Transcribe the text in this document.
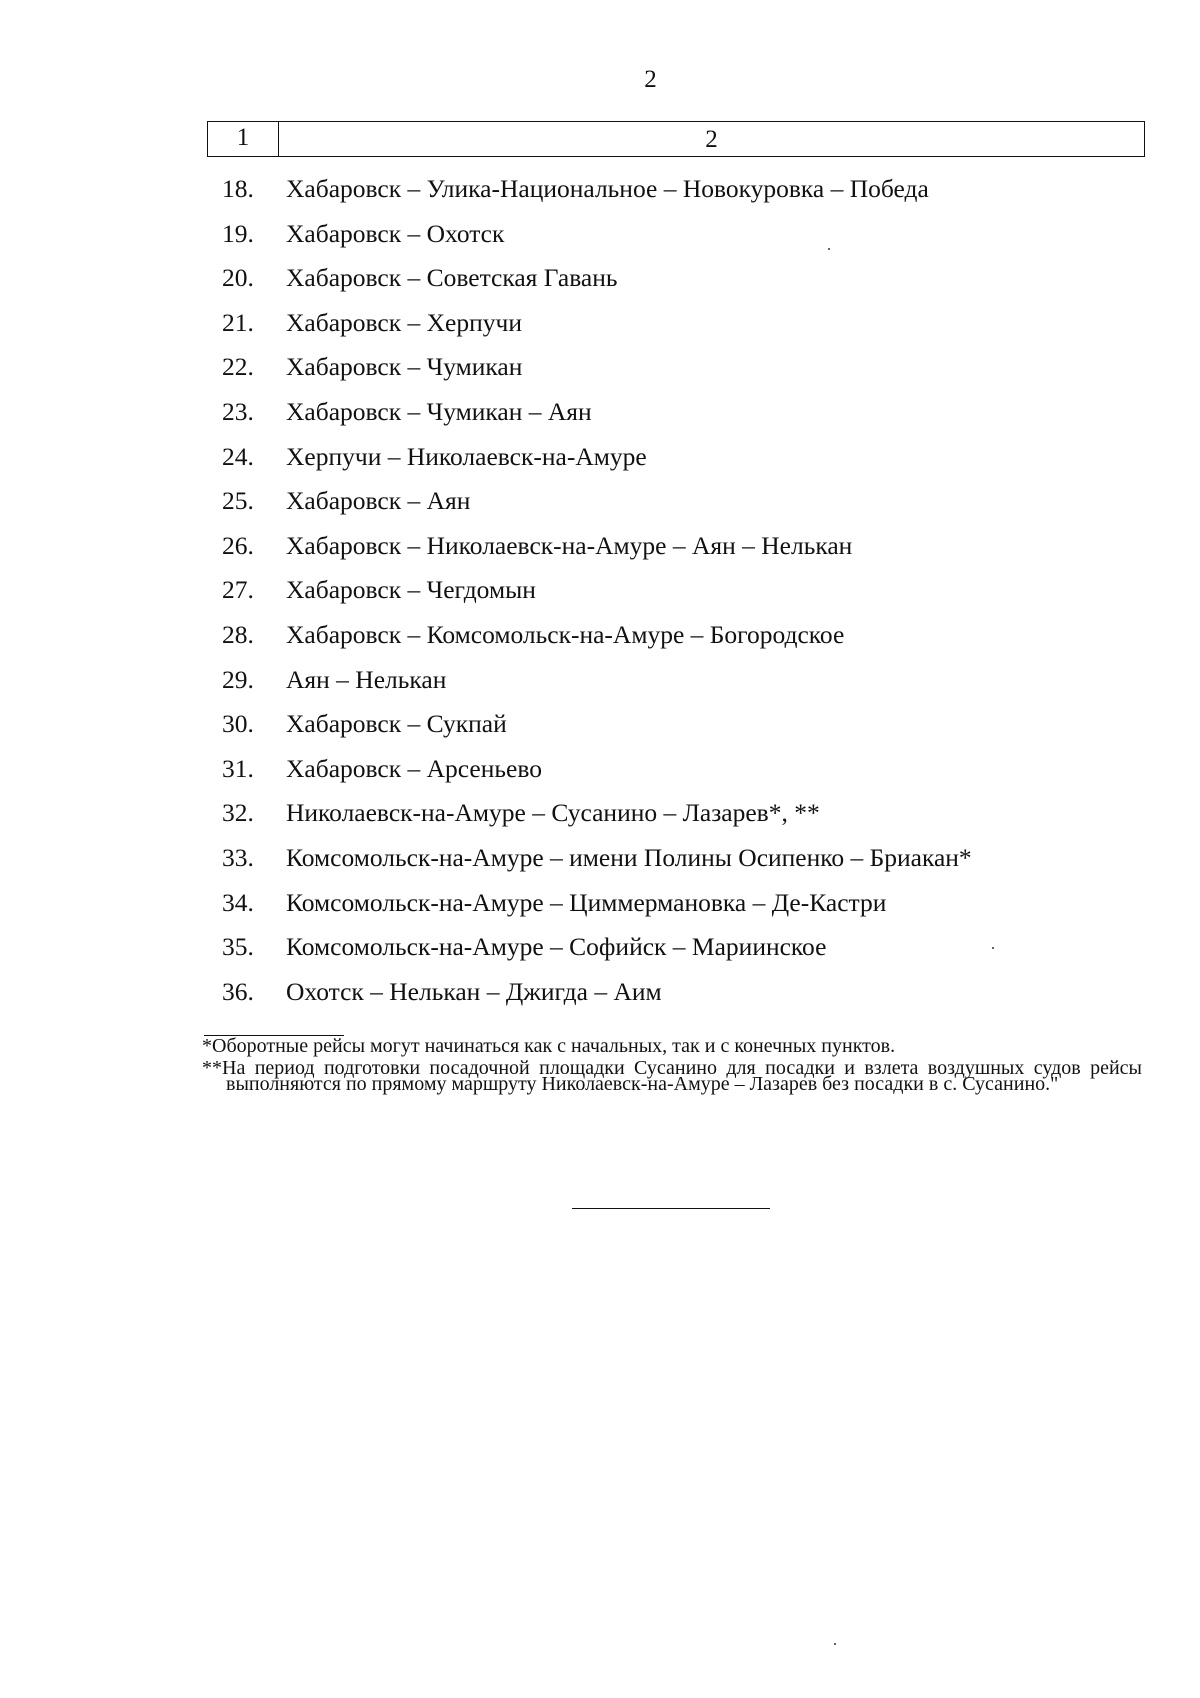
2
1	2
18.	Хабаровск – Улика-Национальное – Новокуровка – Победа
19.	Хабаровск – Охотск
20.	Хабаровск – Советская Гавань
21.	Хабаровск – Херпучи
22.	Хабаровск – Чумикан
23.	Хабаровск – Чумикан – Аян
24.	Херпучи – Николаевск-на-Амуре
25.	Хабаровск – Аян
26.	Хабаровск – Николаевск-на-Амуре – Аян – Нелькан
27.	Хабаровск – Чегдомын
28.	Хабаровск – Комсомольск-на-Амуре – Богородское
29.	Аян – Нелькан
30.	Хабаровск – Сукпай
31.	Хабаровск – Арсеньево
32.	Николаевск-на-Амуре – Сусанино – Лазарев*, **
33.	Комсомольск-на-Амуре – имени Полины Осипенко – Бриакан*
34.	Комсомольск-на-Амуре – Циммермановка – Де-Кастри
35.	Комсомольск-на-Амуре – Софийск – Мариинское
36.	Охотск – Нелькан – Джигда – Аим

*Оборотные рейсы могут начинаться как с начальных, так и с конечных пунктов.

**На период подготовки посадочной площадки Сусанино для посадки и взлета воздушных судов рейсы выполняются по прямому маршруту Николаевск-на-Амуре – Лазарев без посадки в с. Сусанино."
